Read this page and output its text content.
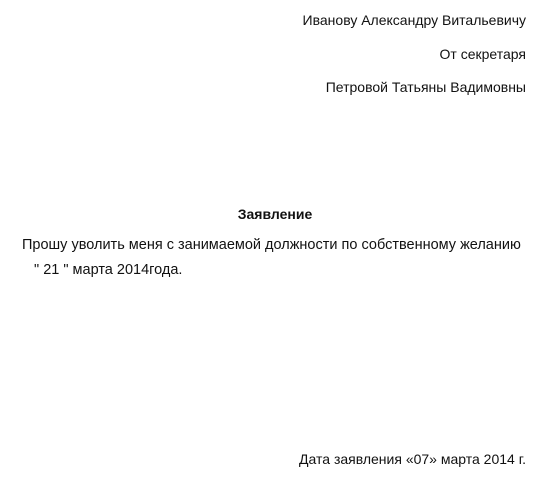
Иванову Александру Витальевичу
От секретаря
Петровой Татьяны Вадимовны
Заявление
Прошу уволить меня с занимаемой должности по собственному желанию
" 21 " марта 2014года.
Дата заявления «07» марта 2014 г.
